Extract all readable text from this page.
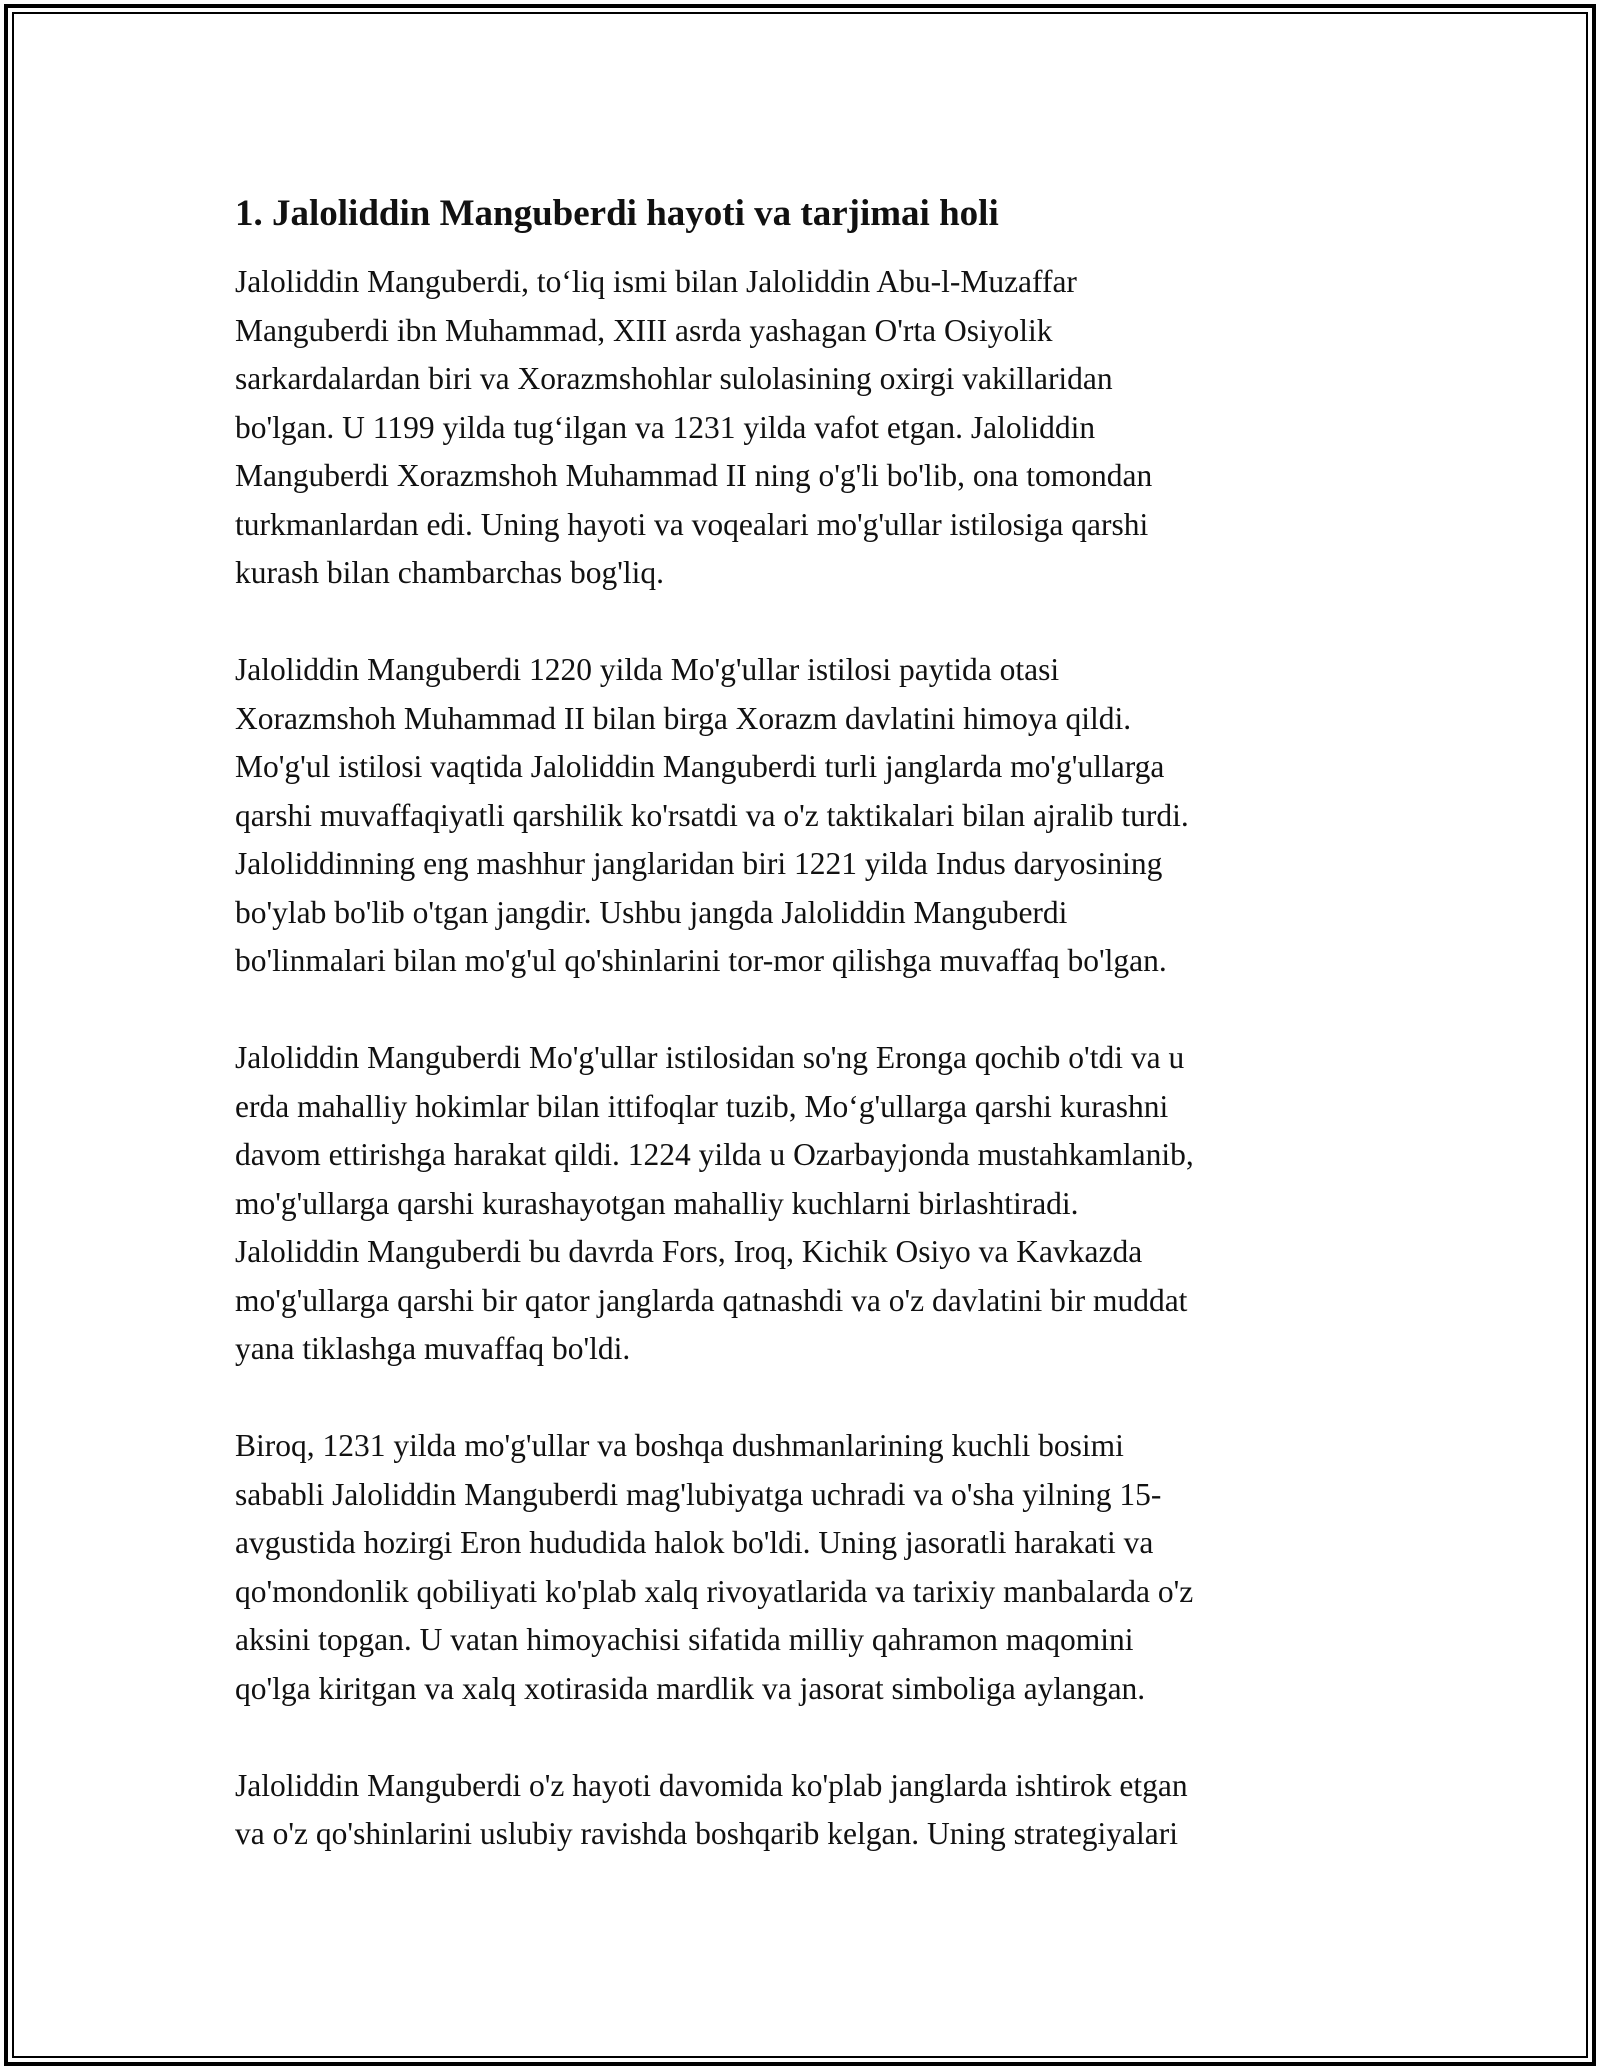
1. Jaloliddin Manguberdi hayoti va tarjimai holi
Jaloliddin Manguberdi, to‘liq ismi bilan Jaloliddin Abu-l-Muzaffar
Manguberdi ibn Muhammad, XIII asrda yashagan O'rta Osiyolik
sarkardalardan biri va Xorazmshohlar sulolasining oxirgi vakillaridan
bo'lgan. U 1199 yilda tug‘ilgan va 1231 yilda vafot etgan. Jaloliddin
Manguberdi Xorazmshoh Muhammad II ning o'g'li bo'lib, ona tomondan
turkmanlardan edi. Uning hayoti va voqealari mo'g'ullar istilosiga qarshi
kurash bilan chambarchas bog'liq.
Jaloliddin Manguberdi 1220 yilda Mo'g'ullar istilosi paytida otasi
Xorazmshoh Muhammad II bilan birga Xorazm davlatini himoya qildi.
Mo'g'ul istilosi vaqtida Jaloliddin Manguberdi turli janglarda mo'g'ullarga
qarshi muvaffaqiyatli qarshilik ko'rsatdi va o'z taktikalari bilan ajralib turdi.
Jaloliddinning eng mashhur janglaridan biri 1221 yilda Indus daryosining
bo'ylab bo'lib o'tgan jangdir. Ushbu jangda Jaloliddin Manguberdi
bo'linmalari bilan mo'g'ul qo'shinlarini tor-mor qilishga muvaffaq bo'lgan.
Jaloliddin Manguberdi Mo'g'ullar istilosidan so'ng Eronga qochib o'tdi va u
erda mahalliy hokimlar bilan ittifoqlar tuzib, Mo‘g'ullarga qarshi kurashni
davom ettirishga harakat qildi. 1224 yilda u Ozarbayjonda mustahkamlanib,
mo'g'ullarga qarshi kurashayotgan mahalliy kuchlarni birlashtiradi.
Jaloliddin Manguberdi bu davrda Fors, Iroq, Kichik Osiyo va Kavkazda
mo'g'ullarga qarshi bir qator janglarda qatnashdi va o'z davlatini bir muddat
yana tiklashga muvaffaq bo'ldi.
Biroq, 1231 yilda mo'g'ullar va boshqa dushmanlarining kuchli bosimi
sababli Jaloliddin Manguberdi mag'lubiyatga uchradi va o'sha yilning 15-
avgustida hozirgi Eron hududida halok bo'ldi. Uning jasoratli harakati va
qo'mondonlik qobiliyati ko'plab xalq rivoyatlarida va tarixiy manbalarda o'z
aksini topgan. U vatan himoyachisi sifatida milliy qahramon maqomini
qo'lga kiritgan va xalq xotirasida mardlik va jasorat simboliga aylangan.
Jaloliddin Manguberdi o'z hayoti davomida ko'plab janglarda ishtirok etgan
va o'z qo'shinlarini uslubiy ravishda boshqarib kelgan. Uning strategiyalari
